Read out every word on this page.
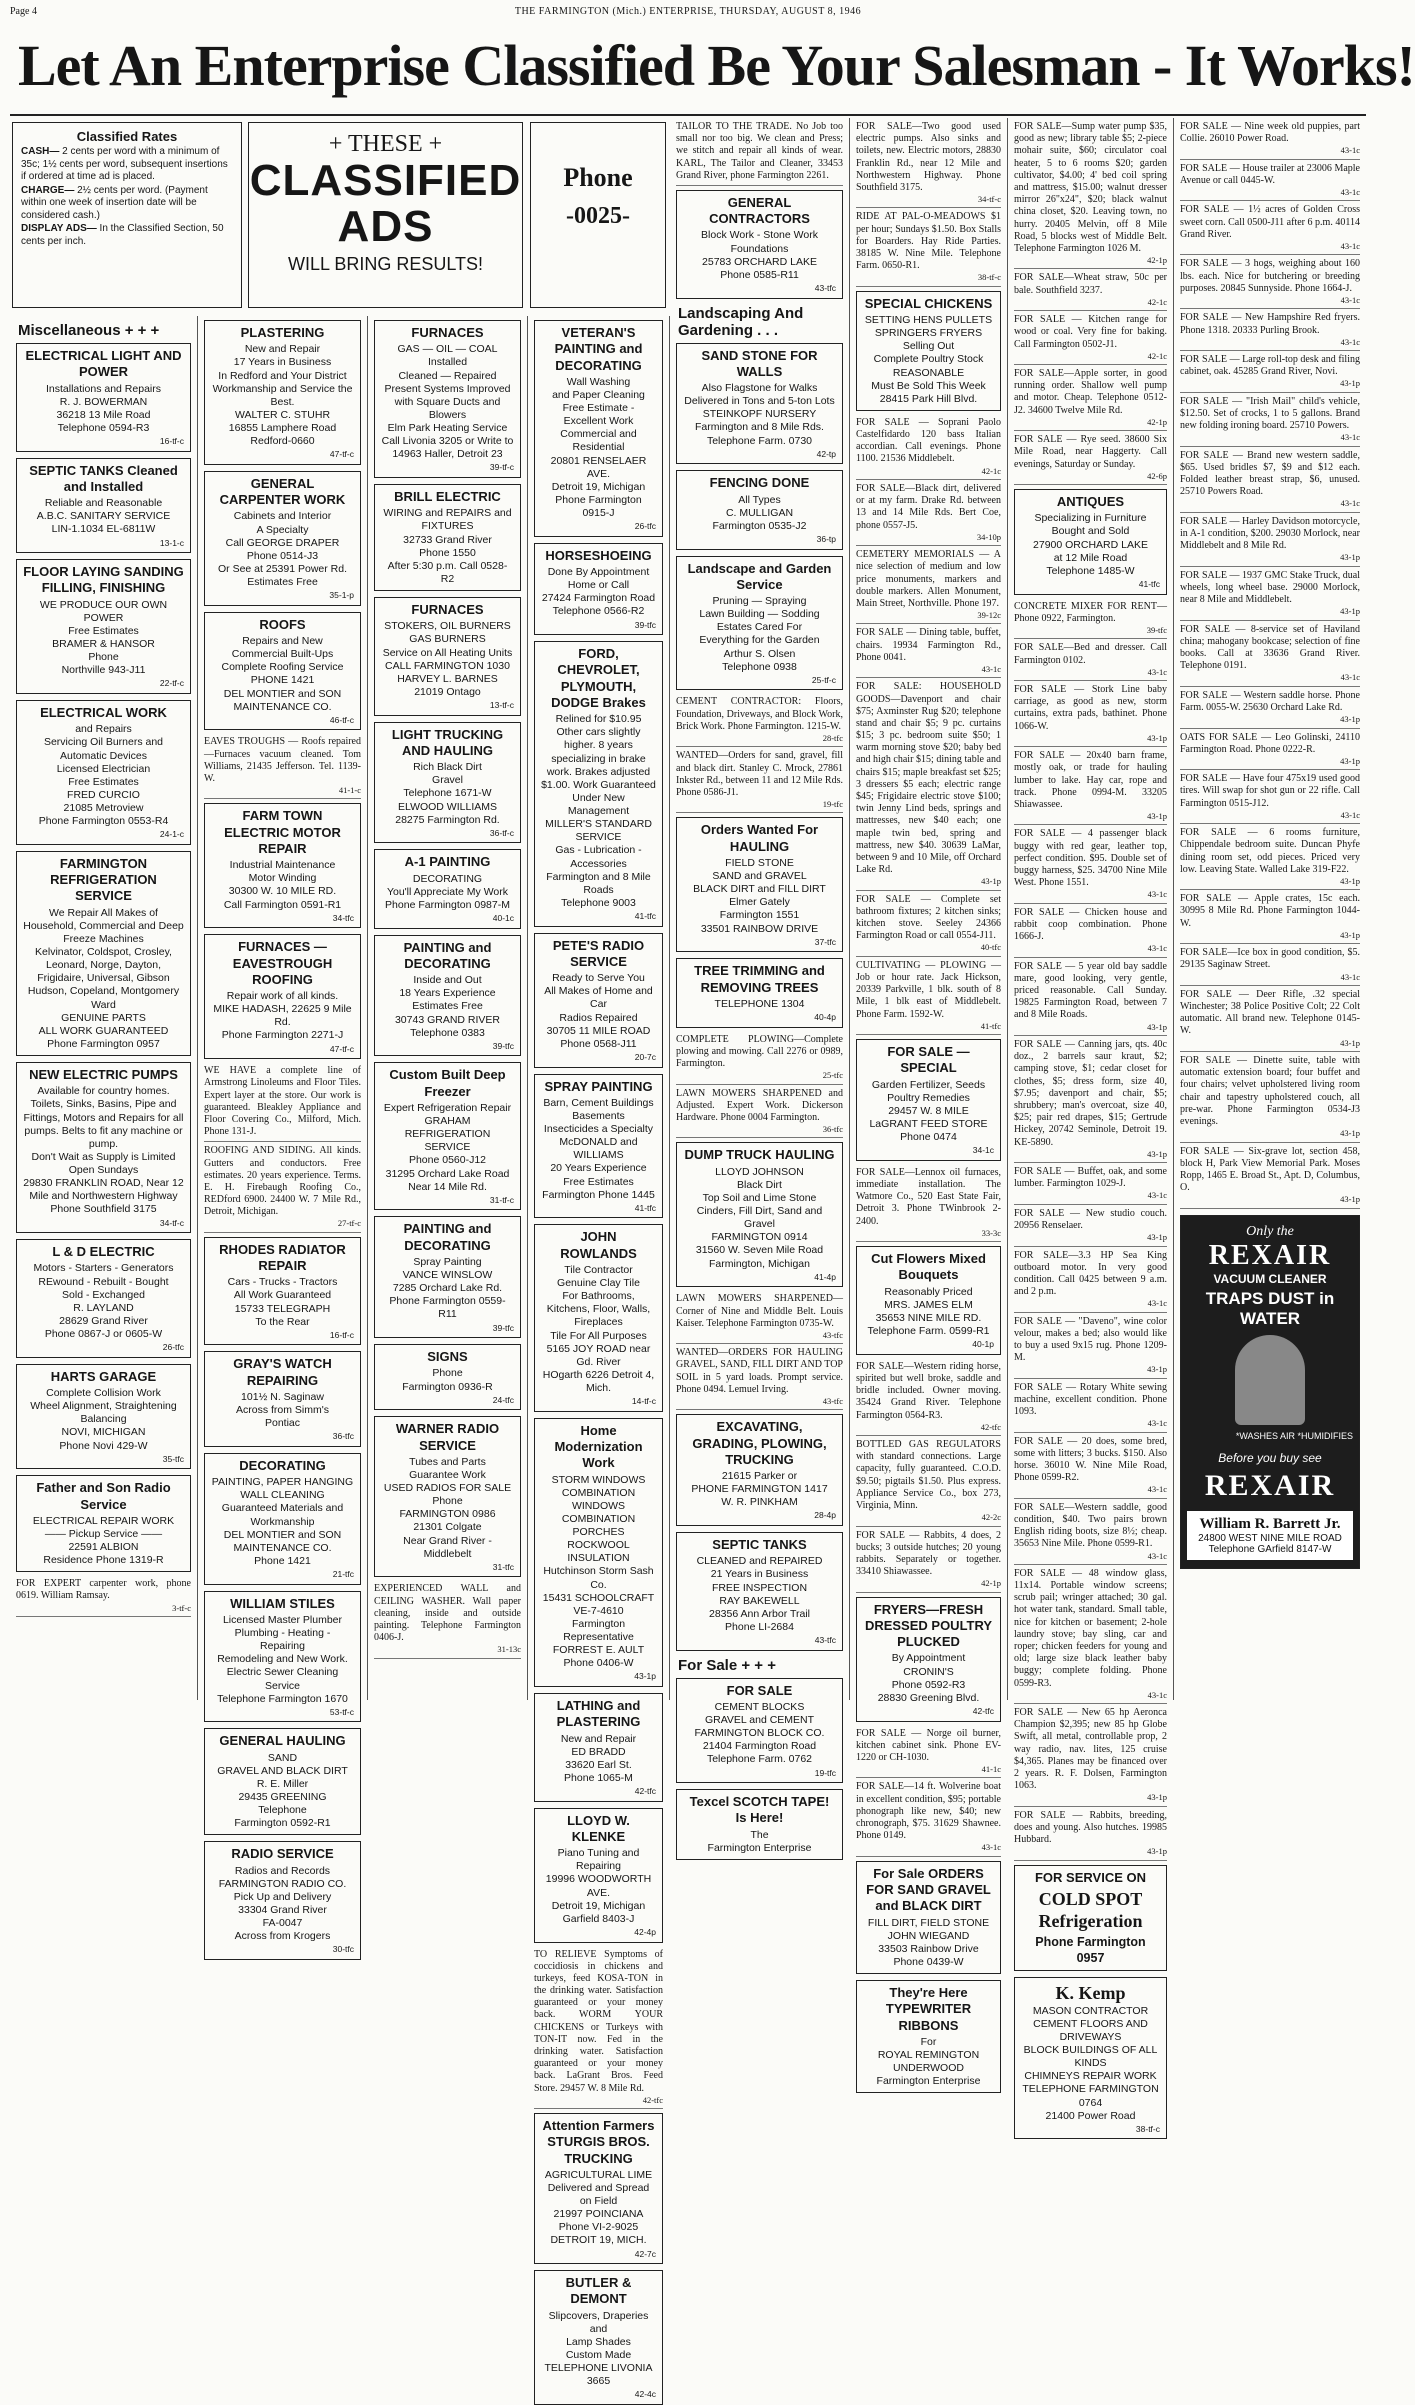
Page 4	THE FARMINGTON (Mich.) ENTERPRISE, THURSDAY, AUGUST 8, 1946
Let An Enterprise Classified Be Your Salesman - It Works!
Classified Rates

CASH— 2 cents per word with a minimum of 35c; 1½ cents per word, subsequent insertions if ordered at time ad is placed.

CHARGE— 2½ cents per word. (Payment within one week of insertion date will be considered cash.)

DISPLAY ADS— In the Classified Section, 50 cents per inch.

+ THESE +
CLASSIFIED
ADS
WILL BRING RESULTS!
Phone
-0025-
Miscellaneous + + +
ELECTRICAL LIGHT AND POWER
Installations and Repairs
R. J. BOWERMAN
36218 13 Mile Road
Telephone 0594-R3
16-tf-c
SEPTIC TANKS Cleaned and Installed
Reliable and Reasonable
A.B.C. SANITARY SERVICE
LIN-1.1034 EL-6811W
13-1-c
FLOOR LAYING SANDING FILLING, FINISHING
WE PRODUCE OUR OWN POWER
Free Estimates
BRAMER & HANSOR
Phone
Northville 943-J11
22-tf-c
ELECTRICAL WORK
and Repairs
Servicing Oil Burners and Automatic Devices
Licensed Electrician
Free Estimates
FRED CURCIO
21085 Metroview
Phone Farmington 0553-R4
24-1-c
FARMINGTON REFRIGERATION SERVICE
We Repair All Makes of Household, Commercial and Deep Freeze Machines
Kelvinator, Coldspot, Crosley, Leonard, Norge, Dayton, Frigidaire, Universal, Gibson Hudson, Copeland, Montgomery Ward
GENUINE PARTS
ALL WORK GUARANTEED
Phone Farmington 0957
NEW ELECTRIC PUMPS
Available for country homes.
Toilets, Sinks, Basins, Pipe and Fittings, Motors and Repairs for all pumps. Belts to fit any machine or pump.
Don't Wait as Supply is Limited
Open Sundays
29830 FRANKLIN ROAD, Near 12 Mile and Northwestern Highway
Phone Southfield 3175
34-tf-c
L & D ELECTRIC
Motors - Starters - Generators
REwound - Rebuilt - Bought
Sold - Exchanged
R. LAYLAND
28629 Grand River
Phone 0867-J or 0605-W
26-tfc
HARTS GARAGE
Complete Collision Work
Wheel Alignment, Straightening
Balancing
NOVI, MICHIGAN
Phone Novi 429-W
35-tfc
Father and Son Radio Service
ELECTRICAL REPAIR WORK
—— Pickup Service ——
22591 ALBION
Residence Phone 1319-R
FOR EXPERT carpenter work, phone 0619. William Ramsay.
3-tf-c
PLASTERING
New and Repair
17 Years in Business
In Redford and Your District
Workmanship and Service the Best.
WALTER C. STUHR
16855 Lamphere Road
Redford-0660
47-tf-c
GENERAL CARPENTER WORK
Cabinets and Interior
A Specialty
Call GEORGE DRAPER
Phone 0514-J3
Or See at 25391 Power Rd.
Estimates Free
35-1-p
ROOFS
Repairs and New
Commercial Built-Ups
Complete Roofing Service
PHONE 1421
DEL MONTIER and SON
MAINTENANCE CO.
46-tf-c
EAVES TROUGHS — Roofs repaired—Furnaces vacuum cleaned. Tom Williams, 21435 Jefferson. Tel. 1139-W.
41-1-c
FARM TOWN ELECTRIC MOTOR REPAIR
Industrial Maintenance
Motor Winding
30300 W. 10 MILE RD.
Call Farmington 0591-R1
34-tfc
FURNACES — EAVESTROUGH ROOFING
Repair work of all kinds.
MIKE HADASH, 22625 9 Mile Rd.
Phone Farmington 2271-J
47-tf-c
WE HAVE a complete line of Armstrong Linoleums and Floor Tiles. Expert layer at the store. Our work is guaranteed. Bleakley Appliance and Floor Covering Co., Milford, Mich. Phone 131-J.
ROOFING AND SIDING. All kinds. Gutters and conductors. Free estimates. 20 years experience. Terms. E. H. Firebaugh Roofing Co., REDford 6900. 24400 W. 7 Mile Rd., Detroit, Michigan.
27-tf-c
RHODES RADIATOR REPAIR
Cars - Trucks - Tractors
All Work Guaranteed
15733 TELEGRAPH
To the Rear
16-tf-c
GRAY'S WATCH REPAIRING
101½ N. Saginaw
Across from Simm's
Pontiac
36-tfc
DECORATING
PAINTING, PAPER HANGING
WALL CLEANING
Guaranteed Materials and Workmanship
DEL MONTIER and SON
MAINTENANCE CO.
Phone 1421
21-tfc
WILLIAM STILES
Licensed Master Plumber
Plumbing - Heating - Repairing
Remodeling and New Work.
Electric Sewer Cleaning Service
Telephone Farmington 1670
53-tf-c
GENERAL HAULING
SAND
GRAVEL AND BLACK DIRT
R. E. Miller
29435 GREENING
Telephone
Farmington 0592-R1
RADIO SERVICE
Radios and Records
FARMINGTON RADIO CO.
Pick Up and Delivery
33304 Grand River
FA-0047
Across from Krogers
30-tfc
FURNACES
GAS — OIL — COAL
Installed
Cleaned — Repaired
Present Systems Improved with Square Ducts and Blowers
Elm Park Heating Service
Call Livonia 3205 or Write to 14963 Haller, Detroit 23
39-tf-c
BRILL ELECTRIC
WIRING and REPAIRS and FIXTURES
32733 Grand River
Phone 1550
After 5:30 p.m. Call 0528-R2
FURNACES
STOKERS, OIL BURNERS
GAS BURNERS
Service on All Heating Units
CALL FARMINGTON 1030
HARVEY L. BARNES
21019 Ontago
13-tf-c
LIGHT TRUCKING AND HAULING
Rich Black Dirt
Gravel
Telephone 1671-W
ELWOOD WILLIAMS
28275 Farmington Rd.
36-tf-c
A-1 PAINTING
DECORATING
You'll Appreciate My Work
Phone Farmington 0987-M
40-1c
PAINTING and DECORATING
Inside and Out
18 Years Experience
Estimates Free
30743 GRAND RIVER
Telephone 0383
39-tfc
Custom Built Deep Freezer
Expert Refrigeration Repair
GRAHAM
REFRIGERATION SERVICE
Phone 0560-J12
31295 Orchard Lake Road
Near 14 Mile Rd.
31-tf-c
PAINTING and DECORATING
Spray Painting
VANCE WINSLOW
7285 Orchard Lake Rd.
Phone Farmington 0559-R11
39-tfc
SIGNS
Phone
Farmington 0936-R
24-tfc
WARNER RADIO SERVICE
Tubes and Parts
Guarantee Work
USED RADIOS FOR SALE
Phone
FARMINGTON 0986
21301 Colgate
Near Grand River - Middlebelt
31-tfc
EXPERIENCED WALL and CEILING WASHER. Wall paper cleaning, inside and outside painting. Telephone Farmington 0406-J.
31-13c
VETERAN'S PAINTING and DECORATING
Wall Washing
and Paper Cleaning
Free Estimate - Excellent Work
Commercial and Residential
20801 RENSELAER AVE.
Detroit 19, Michigan
Phone Farmington 0915-J
26-tfc
HORSESHOEING
Done By Appointment
Home or Call
27424 Farmington Road
Telephone 0566-R2
39-tfc
FORD, CHEVROLET, PLYMOUTH, DODGE Brakes
Relined for $10.95
Other cars slightly higher. 8 years specializing in brake work. Brakes adjusted $1.00. Work Guaranteed
Under New Management
MILLER'S STANDARD SERVICE
Gas - Lubrication - Accessories
Farmington and 8 Mile Roads
Telephone 9003
41-tfc
PETE'S RADIO SERVICE
Ready to Serve You
All Makes of Home and Car
Radios Repaired
30705 11 MILE ROAD
Phone 0568-J11
20-7c
SPRAY PAINTING
Barn, Cement Buildings Basements
Insecticides a Specialty
McDONALD and WILLIAMS
20 Years Experience
Free Estimates
Farmington Phone 1445
41-tfc
JOHN ROWLANDS
Tile Contractor
Genuine Clay Tile
For Bathrooms, Kitchens, Floor, Walls, Fireplaces
Tile For All Purposes
5165 JOY ROAD near Gd. River
HOgarth 6226 Detroit 4, Mich.
14-tf-c
Home Modernization Work
STORM WINDOWS
COMBINATION WINDOWS
COMBINATION PORCHES
ROCKWOOL INSULATION
Hutchinson Storm Sash Co.
15431 SCHOOLCRAFT
VE-7-4610
Farmington Representative
FORREST E. AULT
Phone 0406-W
43-1p
LATHING and PLASTERING
New and Repair
ED BRADD
33620 Earl St.
Phone 1065-M
42-tfc
LLOYD W. KLENKE
Piano Tuning and Repairing
19996 WOODWORTH AVE.
Detroit 19, Michigan
Garfield 8403-J
42-4p
TO RELIEVE Symptoms of coccidiosis in chickens and turkeys, feed KOSA-TON in the drinking water. Satisfaction guaranteed or your money back. WORM YOUR CHICKENS or Turkeys with TON-IT now. Fed in the drinking water. Satisfaction guaranteed or your money back. LaGrant Bros. Feed Store. 29457 W. 8 Mile Rd.
42-tfc
Attention Farmers STURGIS BROS. TRUCKING
AGRICULTURAL LIME
Delivered and Spread on Field
21997 POINCIANA
Phone VI-2-9025
DETROIT 19, MICH.
42-7c
BUTLER & DEMONT
Slipcovers, Draperies and
Lamp Shades
Custom Made
TELEPHONE LIVONIA 3665
42-4c
TAILOR TO THE TRADE. No Job too small nor too big. We clean and Press; we stitch and repair all kinds of wear. KARL, The Tailor and Cleaner, 33453 Grand River, phone Farmington 2261.
GENERAL CONTRACTORS
Block Work - Stone Work
Foundations
25783 ORCHARD LAKE
Phone 0585-R11
43-tfc
Landscaping And Gardening . . .
SAND STONE FOR WALLS
Also Flagstone for Walks
Delivered in Tons and 5-ton Lots
STEINKOPF NURSERY
Farmington and 8 Mile Rds.
Telephone Farm. 0730
42-tp
FENCING DONE
All Types
C. MULLIGAN
Farmington 0535-J2
36-tp
Landscape and Garden Service
Pruning — Spraying
Lawn Building — Sodding
Estates Cared For
Everything for the Garden
Arthur S. Olsen
Telephone 0938
25-tf-c
CEMENT CONTRACTOR: Floors, Foundation, Driveways, and Block Work, Brick Work. Phone Farmington. 1215-W.
28-tfc
WANTED—Orders for sand, gravel, fill and black dirt. Stanley C. Mrock, 27861 Inkster Rd., between 11 and 12 Mile Rds. Phone 0586-J1.
19-tfc
Orders Wanted For HAULING
FIELD STONE
SAND and GRAVEL
BLACK DIRT and FILL DIRT
Elmer Gately
Farmington 1551
33501 RAINBOW DRIVE
37-tfc
TREE TRIMMING and REMOVING TREES
TELEPHONE 1304
40-4p
COMPLETE PLOWING—Complete plowing and mowing. Call 2276 or 0989, Farmington.
25-tfc
LAWN MOWERS SHARPENED and Adjusted. Expert Work. Dickerson Hardware. Phone 0004 Farmington.
36-tfc
DUMP TRUCK HAULING
LLOYD JOHNSON
Black Dirt
Top Soil and Lime Stone
Cinders, Fill Dirt, Sand and Gravel
FARMINGTON 0914
31560 W. Seven Mile Road
Farmington, Michigan
41-4p
LAWN MOWERS SHARPENED—Corner of Nine and Middle Belt. Louis Kaiser. Telephone Farmington 0735-W.
43-tfc
WANTED—ORDERS FOR HAULING GRAVEL, SAND, FILL DIRT AND TOP SOIL in 5 yard loads. Prompt service. Phone 0494. Lemuel Irving.
43-tfc
EXCAVATING, GRADING, PLOWING, TRUCKING
21615 Parker or
PHONE FARMINGTON 1417
W. R. PINKHAM
28-4p
SEPTIC TANKS
CLEANED and REPAIRED
21 Years in Business
FREE INSPECTION
RAY BAKEWELL
28356 Ann Arbor Trail
Phone LI-2684
43-tfc
For Sale + + +
FOR SALE
CEMENT BLOCKS
GRAVEL and CEMENT
FARMINGTON BLOCK CO.
21404 Farmington Road
Telephone Farm. 0762
19-tfc
Texcel SCOTCH TAPE! Is Here!
The
Farmington Enterprise
FOR SALE—Two good used electric pumps. Also sinks and toilets, new. Electric motors, 28830 Franklin Rd., near 12 Mile and Northwestern Highway. Phone Southfield 3175.
34-tf-c
RIDE AT PAL-O-MEADOWS $1 per hour; Sundays $1.50. Box Stalls for Boarders. Hay Ride Parties. 38185 W. Nine Mile. Telephone Farm. 0650-R1.
38-tf-c
SPECIAL CHICKENS
SETTING HENS PULLETS
SPRINGERS FRYERS
Selling Out
Complete Poultry Stock
REASONABLE
Must Be Sold This Week
28415 Park Hill Blvd.
FOR SALE — Soprani Paolo Castelfidardo 120 bass Italian accordian. Call evenings. Phone 1100. 21536 Middlebelt.
42-1c
FOR SALE—Black dirt, delivered or at my farm. Drake Rd. between 13 and 14 Mile Rds. Bert Coe, phone 0557-J5.
34-10p
CEMETERY MEMORIALS — A nice selection of medium and low price monuments, markers and double markers. Allen Monument, Main Street, Northville. Phone 197.
39-12c
FOR SALE — Dining table, buffet, chairs. 19934 Farmington Rd., Phone 0041.
43-1c
FOR SALE: HOUSEHOLD GOODS—Davenport and chair $75; Axminster Rug $20; telephone stand and chair $5; 9 pc. curtains $15; 3 pc. bedroom suite $50; 1 warm morning stove $20; baby bed and high chair $15; dining table and chairs $15; maple breakfast set $25; 3 dressers $5 each; electric range $45; Frigidaire electric stove $100; twin Jenny Lind beds, springs and mattresses, new $40 each; one maple twin bed, spring and mattress, new $40. 30639 LaMar, between 9 and 10 Mile, off Orchard Lake Rd.
43-1p
FOR SALE — Complete set bathroom fixtures; 2 kitchen sinks; kitchen stove. Seeley 24366 Farmington Road or call 0554-J11.
40-tfc
CULTIVATING — PLOWING — Job or hour rate. Jack Hickson, 20339 Parkville, 1 blk. south of 8 Mile, 1 blk east of Middlebelt. Phone Farm. 1592-W.
41-tfc
FOR SALE — SPECIAL
Garden Fertilizer, Seeds
Poultry Remedies
29457 W. 8 MILE
LaGRANT FEED STORE
Phone 0474
34-1c
FOR SALE—Lennox oil furnaces, immediate installation. The Watmore Co., 520 East State Fair, Detroit 3. Phone TWinbrook 2-2400.
33-3c
Cut Flowers Mixed Bouquets
Reasonably Priced
MRS. JAMES ELM
35653 NINE MILE RD.
Telephone Farm. 0599-R1
40-1p
FOR SALE—Western riding horse, spirited but well broke, saddle and bridle included. Owner moving. 35424 Grand River. Telephone Farmington 0564-R3.
42-tfc
BOTTLED GAS REGULATORS with standard connections. Large capacity, fully guaranteed. C.O.D. $9.50; pigtails $1.50. Plus express. Appliance Service Co., box 273, Virginia, Minn.
42-2c
FOR SALE — Rabbits, 4 does, 2 bucks; 3 outside hutches; 20 young rabbits. Separately or together. 33410 Shiawassee.
42-1p
FRYERS—FRESH DRESSED POULTRY PLUCKED
By Appointment
CRONIN'S
Phone 0592-R3
28830 Greening Blvd.
42-tfc
FOR SALE — Norge oil burner, kitchen cabinet sink. Phone EV-1220 or CH-1030.
41-1c
FOR SALE—14 ft. Wolverine boat in excellent condition, $95; portable phonograph like new, $40; new chronograph, $75. 31629 Shawnee. Phone 0149.
43-1c
For Sale ORDERS FOR SAND GRAVEL and BLACK DIRT
FILL DIRT, FIELD STONE
JOHN WIEGAND
33503 Rainbow Drive
Phone 0439-W
They're Here TYPEWRITER RIBBONS
For
ROYAL REMINGTON
UNDERWOOD
Farmington Enterprise
FOR SALE—Sump water pump $35, good as new; library table $5; 2-piece mohair suite, $60; circulator coal heater, 5 to 6 rooms $20; garden cultivator, $4.00; 4' bed coil spring and mattress, $15.00; walnut dresser mirror 26"x24", $20; black walnut china closet, $20. Leaving town, no hurry. 20405 Melvin, off 8 Mile Road, 5 blocks west of Middle Belt. Telephone Farmington 1026 M.
42-1p
FOR SALE—Wheat straw, 50c per bale. Southfield 3237.
42-1c
FOR SALE — Kitchen range for wood or coal. Very fine for baking. Call Farmington 0502-J1.
42-1c
FOR SALE—Apple sorter, in good running order. Shallow well pump and motor. Cheap. Telephone 0512-J2. 34600 Twelve Mile Rd.
42-1p
FOR SALE — Rye seed. 38600 Six Mile Road, near Haggerty. Call evenings, Saturday or Sunday.
42-6p
ANTIQUES
Specializing in Furniture
Bought and Sold
27900 ORCHARD LAKE
at 12 Mile Road
Telephone 1485-W
41-tfc
CONCRETE MIXER FOR RENT—Phone 0922, Farmington.
39-tfc
FOR SALE—Bed and dresser. Call Farmington 0102.
43-1c
FOR SALE — Stork Line baby carriage, as good as new, storm curtains, extra pads, bathinet. Phone 1066-W.
43-1p
FOR SALE — 20x40 barn frame, mostly oak, or trade for hauling lumber to lake. Hay car, rope and track. Phone 0994-M. 33205 Shiawassee.
43-1p
FOR SALE — 4 passenger black buggy with red gear, leather top, perfect condition. $95. Double set of buggy harness, $25. 34700 Nine Mile West. Phone 1551.
43-1c
FOR SALE — Chicken house and rabbit coop combination. Phone 1666-J.
43-1c
FOR SALE — 5 year old bay saddle mare, good looking, very gentle, priced reasonable. Call Sunday. 19825 Farmington Road, between 7 and 8 Mile Roads.
43-1p
FOR SALE — Canning jars, qts. 40c doz., 2 barrels saur kraut, $2; camping stove, $1; cedar closet for clothes, $5; dress form, size 40, $7.95; davenport and chair, $5; shrubbery; man's overcoat, size 40, $25; pair red drapes, $15; Gertrude Hickey, 20742 Seminole, Detroit 19. KE-5890.
43-1p
FOR SALE — Buffet, oak, and some lumber. Farmington 1029-J.
43-1c
FOR SALE — New studio couch. 20956 Renselaer.
43-1p
FOR SALE—3.3 HP Sea King outboard motor. In very good condition. Call 0425 between 9 a.m. and 2 p.m.
43-1c
FOR SALE — "Daveno", wine color velour, makes a bed; also would like to buy a used 9x15 rug. Phone 1209-M.
43-1p
FOR SALE — Rotary White sewing machine, excellent condition. Phone 1093.
43-1c
FOR SALE — 20 does, some bred, some with litters; 3 bucks. $150. Also horse. 36010 W. Nine Mile Road, Phone 0599-R2.
43-1c
FOR SALE—Western saddle, good condition, $40. Two pairs brown English riding boots, size 8½; cheap. 35653 Nine Mile. Phone 0599-R1.
43-1c
FOR SALE — 48 window glass, 11x14. Portable window screens; scrub pail; wringer attached; 30 gal. hot water tank, standard. Small table, nice for kitchen or basement; 2-hole laundry stove; bay sling, car and roper; chicken feeders for young and old; large size black leather baby buggy; complete folding. Phone 0599-R3.
43-1c
FOR SALE — New 65 hp Aeronca Champion $2,395; new 85 hp Globe Swift, all metal, controllable prop, 2 way radio, nav. lites, 125 cruise $4,365. Planes may be financed over 2 years. R. F. Dolsen, Farmington 1063.
43-1p
FOR SALE — Rabbits, breeding, does and young. Also hutches. 19985 Hubbard.
43-1p
FOR SERVICE ON
COLD SPOT Refrigeration
Phone Farmington 0957
K. Kemp
MASON CONTRACTOR
CEMENT FLOORS AND DRIVEWAYS
BLOCK BUILDINGS OF ALL KINDS
CHIMNEYS REPAIR WORK
TELEPHONE FARMINGTON 0764
21400 Power Road
38-tf-c
FOR SALE — Nine week old puppies, part Collie. 26010 Power Road.
43-1c
FOR SALE — House trailer at 23006 Maple Avenue or call 0445-W.
43-1c
FOR SALE — 1½ acres of Golden Cross sweet corn. Call 0500-J11 after 6 p.m. 40114 Grand River.
43-1c
FOR SALE — 3 hogs, weighing about 160 lbs. each. Nice for butchering or breeding purposes. 20845 Sunnyside. Phone 1664-J.
43-1c
FOR SALE — New Hampshire Red fryers. Phone 1318. 20333 Purling Brook.
43-1c
FOR SALE — Large roll-top desk and filing cabinet, oak. 45285 Grand River, Novi.
43-1p
FOR SALE — "Irish Mail" child's vehicle, $12.50. Set of crocks, 1 to 5 gallons. Brand new folding ironing board. 25710 Powers.
43-1c
FOR SALE — Brand new western saddle, $65. Used bridles $7, $9 and $12 each. Folded leather breast strap, $6, unused. 25710 Powers Road.
43-1c
FOR SALE — Harley Davidson motorcycle, in A-1 condition, $200. 29030 Morlock, near Middlebelt and 8 Mile Rd.
43-1p
FOR SALE — 1937 GMC Stake Truck, dual wheels, long wheel base. 29000 Morlock, near 8 Mile and Middlebelt.
43-1p
FOR SALE — 8-service set of Haviland china; mahogany bookcase; selection of fine books. Call at 33636 Grand River. Telephone 0191.
43-1c
FOR SALE — Western saddle horse. Phone Farm. 0055-W. 25630 Orchard Lake Rd.
43-1p
OATS FOR SALE — Leo Golinski, 24110 Farmington Road. Phone 0222-R.
43-1p
FOR SALE — Have four 475x19 used good tires. Will swap for shot gun or 22 rifle. Call Farmington 0515-J12.
43-1c
FOR SALE — 6 rooms furniture, Chippendale bedroom suite. Duncan Phyfe dining room set, odd pieces. Priced very low. Leaving State. Walled Lake 319-F22.
43-1p
FOR SALE — Apple crates, 15c each. 30995 8 Mile Rd. Phone Farmington 1044-W.
43-1p
FOR SALE—Ice box in good condition, $5. 29135 Saginaw Street.
43-1c
FOR SALE — Deer Rifle, .32 special Winchester; 38 Police Positive Colt; 22 Colt automatic. All brand new. Telephone 0145-W.
43-1p
FOR SALE — Dinette suite, table with automatic extension board; four buffet and four chairs; velvet upholstered living room chair and tapestry upholstered couch, all pre-war. Phone Farmington 0534-J3 evenings.
43-1p
FOR SALE — Six-grave lot, section 458, block H, Park View Memorial Park. Moses Ropp, 1465 E. Broad St., Apt. D, Columbus, O.
43-1p
Only the
REXAIR
VACUUM CLEANER
TRAPS DUST in WATER
*WASHES AIR *HUMIDIFIES
Before you buy see
REXAIR
William R. Barrett Jr.
24800 WEST NINE MILE ROAD
Telephone GArfield 8147-W
